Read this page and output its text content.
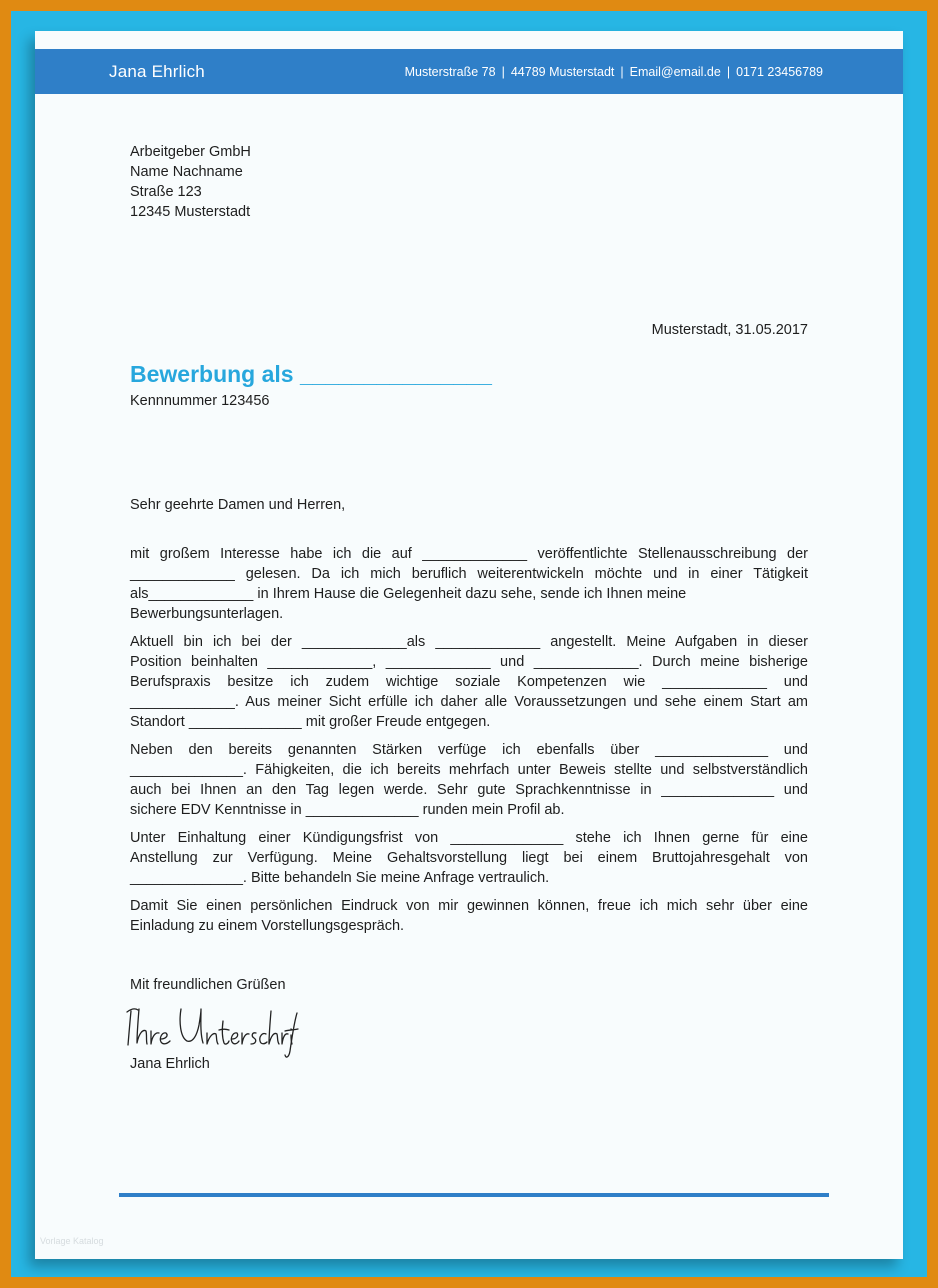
Jana Ehrlich	Musterstraße 78 | 44789 Musterstadt | Email@email.de | 0171 23456789
Arbeitgeber GmbH
Name Nachname
Straße 123
12345 Musterstadt
Musterstadt, 31.05.2017
Bewerbung als _______________
Kennnummer 123456
Sehr geehrte Damen und Herren,
mit großem Interesse habe ich die auf _____________ veröffentlichte Stellenausschreibung der
_____________ gelesen. Da ich mich beruflich weiterentwickeln möchte und in einer Tätigkeit
als_____________ in Ihrem Hause die Gelegenheit dazu sehe, sende ich Ihnen meine
Bewerbungsunterlagen.
Aktuell bin ich bei der _____________als _____________ angestellt. Meine Aufgaben in dieser
Position beinhalten _____________, _____________ und _____________. Durch meine bisherige
Berufspraxis besitze ich zudem wichtige soziale Kompetenzen wie _____________ und
_____________. Aus meiner Sicht erfülle ich daher alle Voraussetzungen und sehe einem Start am
Standort ______________ mit großer Freude entgegen.
Neben den bereits genannten Stärken verfüge ich ebenfalls über ______________ und
______________. Fähigkeiten, die ich bereits mehrfach unter Beweis stellte und selbstverständlich
auch bei Ihnen an den Tag legen werde. Sehr gute Sprachkenntnisse in ______________ und
sichere EDV Kenntnisse in ______________ runden mein Profil ab.
Unter Einhaltung einer Kündigungsfrist von ______________ stehe ich Ihnen gerne für eine
Anstellung zur Verfügung. Meine Gehaltsvorstellung liegt bei einem Bruttojahresgehalt von
______________. Bitte behandeln Sie meine Anfrage vertraulich.
Damit Sie einen persönlichen Eindruck von mir gewinnen können, freue ich mich sehr über eine
Einladung zu einem Vorstellungsgespräch.
Mit freundlichen Grüßen
Jana Ehrlich
Vorlage Katalog
